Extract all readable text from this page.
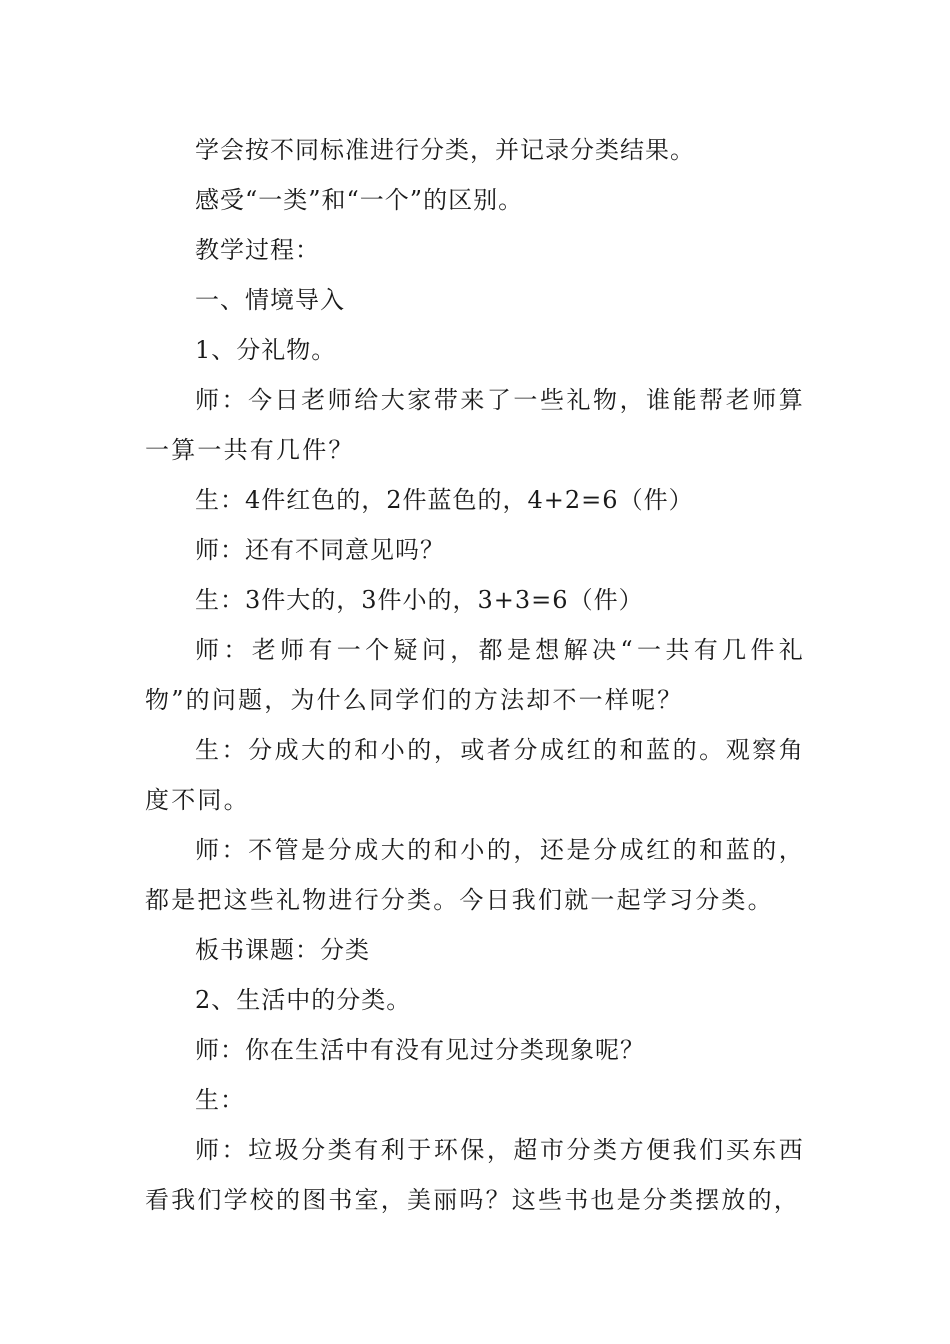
学会按不同标准进行分类，并记录分类结果。

感受“一类”和“一个”的区别。

教学过程：

一、情境导入

1、分礼物。

师：今日老师给大家带来了一些礼物，谁能帮老师算一算一共有几件？

生：4件红色的，2件蓝色的，4+2=6（件）

师：还有不同意见吗？

生：3件大的，3件小的，3+3=6（件）

师：老师有一个疑问，都是想解决“一共有几件礼物”的问题，为什么同学们的方法却不一样呢？

生：分成大的和小的，或者分成红的和蓝的。观察角度不同。

师：不管是分成大的和小的，还是分成红的和蓝的，都是把这些礼物进行分类。今日我们就一起学习分类。

板书课题：分类

2、生活中的分类。

师：你在生活中有没有见过分类现象呢？

生：

师：垃圾分类有利于环保，超市分类方便我们买东西看我们学校的图书室，美丽吗？这些书也是分类摆放的，
